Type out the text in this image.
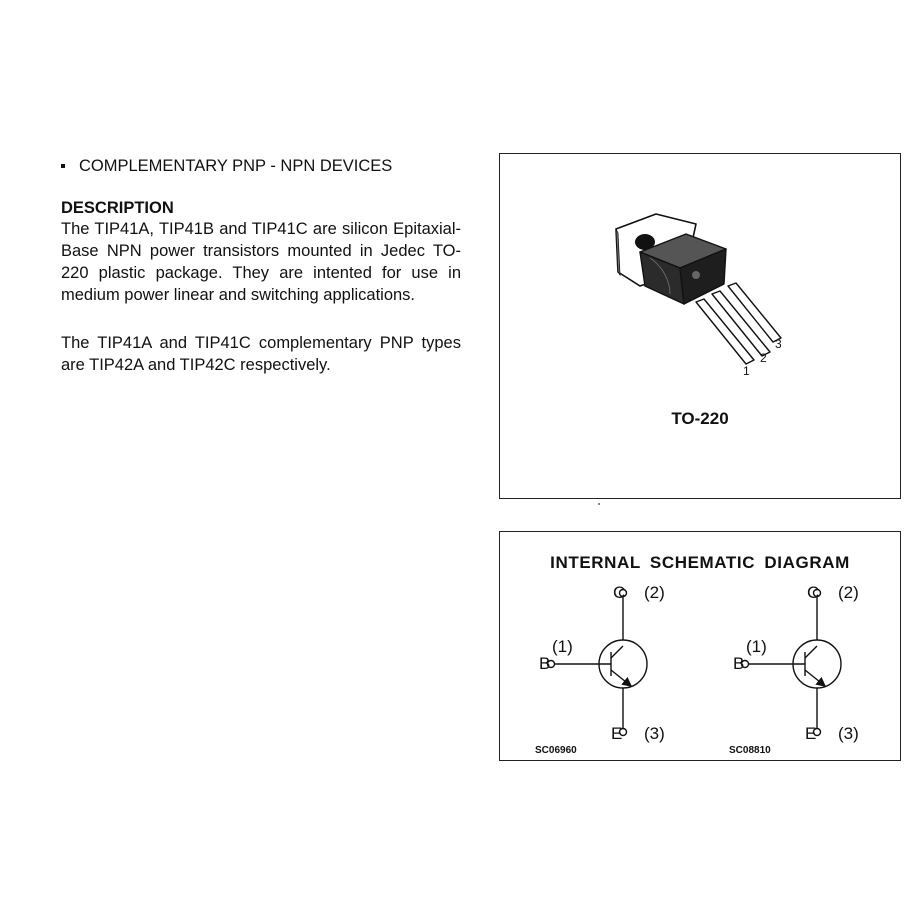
COMPLEMENTARY PNP - NPN DEVICES
DESCRIPTION

The TIP41A, TIP41B and TIP41C are silicon Epitaxial-Base NPN power transistors mounted in Jedec TO-220 plastic package. They are intented for use in medium power linear and switching applications.

The TIP41A and TIP41C complementary PNP types are TIP42A and TIP42C respectively.	1
2
3
TO-220
INTERNAL SCHEMATIC DIAGRAM
C (2)
B
(1)
E (3)
SC06960
C (2)
B
(1)
E (3)
SC08810
